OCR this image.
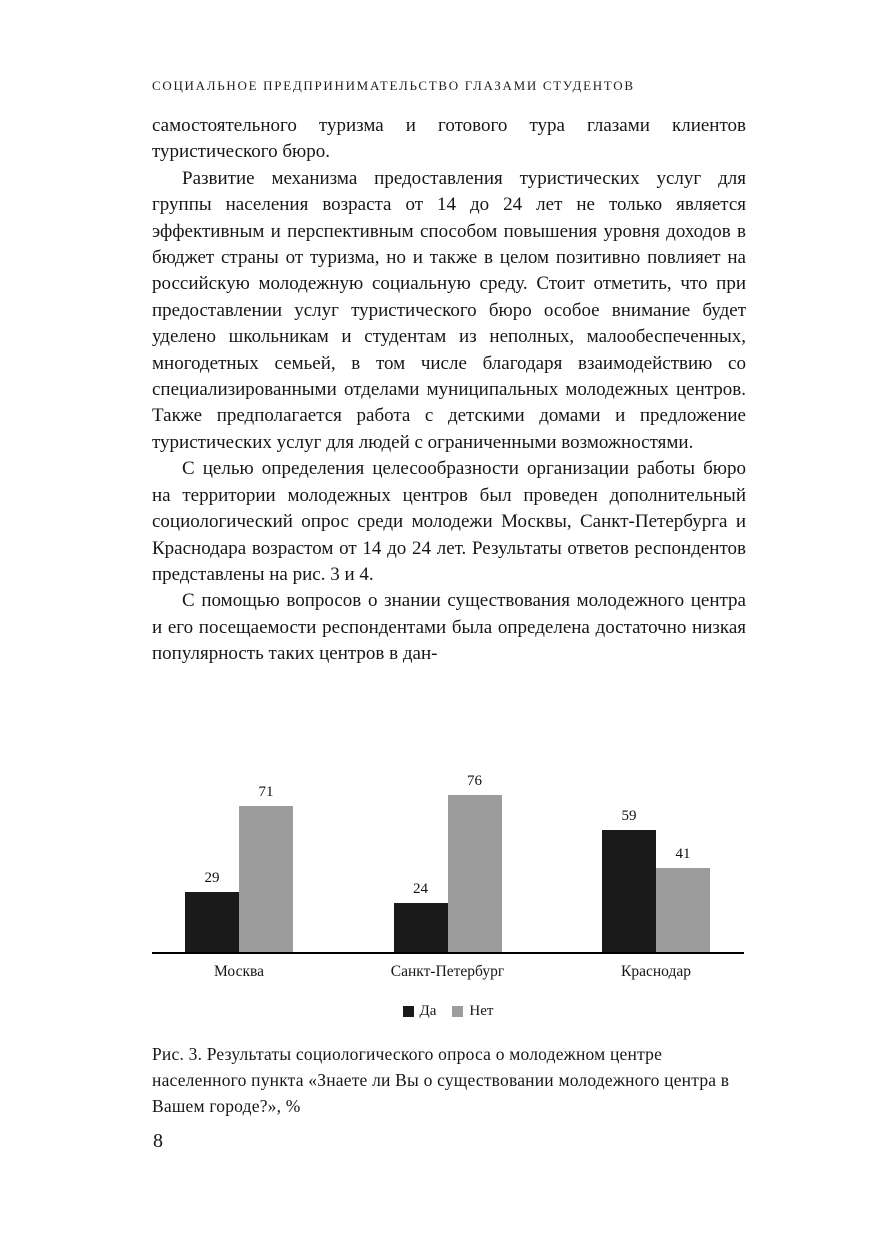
СОЦИАЛЬНОЕ ПРЕДПРИНИМАТЕЛЬСТВО ГЛАЗАМИ СТУДЕНТОВ

самостоятельного туризма и готового тура глазами клиентов туристического бюро.

Развитие механизма предоставления туристических услуг для группы населения возраста от 14 до 24 лет не только является эффективным и перспективным способом повышения уровня доходов в бюджет страны от туризма, но и также в целом позитивно повлияет на российскую молодежную социальную среду. Стоит отметить, что при предоставлении услуг туристического бюро особое внимание будет уделено школьникам и студентам из неполных, малообеспеченных, многодетных семьей, в том числе благодаря взаимодействию со специализированными отделами муниципальных молодежных центров. Также предполагается работа с детскими домами и предложение туристических услуг для людей с ограниченными возможностями.

С целью определения целесообразности организации работы бюро на территории молодежных центров был проведен дополнительный социологический опрос среди молодежи Москвы, Санкт-Петербурга и Краснодара возрастом от 14 до 24 лет. Результаты ответов респондентов представлены на рис. 3 и 4.

С помощью вопросов о знании существования молодежного центра и его посещаемости респондентами была определена достаточно низкая популярность таких центров в дан-

29
71
24
76
59
41
Москва	Санкт-Петербург	Краснодар
Да Нет
Рис. 3. Результаты социологического опроса о молодежном центре населенного пункта «Знаете ли Вы о существовании молодежного центра в Вашем городе?», %
8
